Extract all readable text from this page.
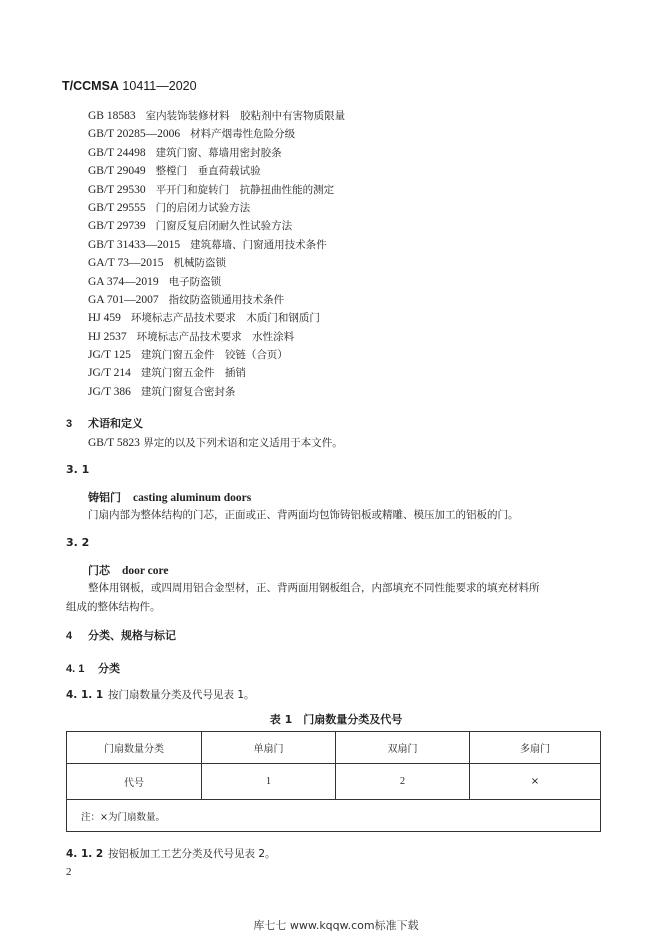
T/CCMSA 10411—2020
GB 18583 室内装饰装修材料　胶粘剂中有害物质限量
GB/T 20285—2006 材料产烟毒性危险分级
GB/T 24498 建筑门窗、幕墙用密封胶条
GB/T 29049 整樘门　垂直荷载试验
GB/T 29530 平开门和旋转门　抗静扭曲性能的测定
GB/T 29555 门的启闭力试验方法
GB/T 29739 门窗反复启闭耐久性试验方法
GB/T 31433—2015 建筑幕墙、门窗通用技术条件
GA/T 73—2015 机械防盗锁
GA 374—2019 电子防盗锁
GA 701—2007 指纹防盗锁通用技术条件
HJ 459 环境标志产品技术要求　木质门和钢质门
HJ 2537 环境标志产品技术要求　水性涂料
JG/T 125 建筑门窗五金件　铰链（合页）
JG/T 214 建筑门窗五金件　插销
JG/T 386 建筑门窗复合密封条
3 术语和定义
GB/T 5823 界定的以及下列术语和定义适用于本文件。
3. 1
铸铝门 casting aluminum doors
门扇内部为整体结构的门芯，正面或正、背两面均包饰铸铝板或精雕、模压加工的铝板的门。
3. 2
门芯 door core
整体用钢板，或四周用铝合金型材，正、背两面用钢板组合，内部填充不同性能要求的填充材料所
组成的整体结构件。
4 分类、规格与标记
4. 1 分类
4. 1. 1 按门扇数量分类及代号见表 1。
表 1　门扇数量分类及代号
门扇数量分类	单扇门	双扇门	多扇门
代号	1	2	×
注：×为门扇数量。			
4. 1. 2 按铝板加工工艺分类及代号见表 2。
2
库七七 www.kqqw.com标准下载
